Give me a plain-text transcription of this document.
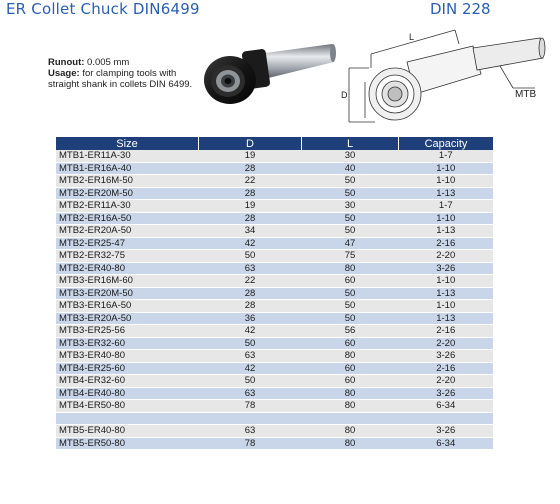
ER Collet Chuck DIN6499	DIN 228
Runout: 0.005 mm
Usage: for clamping tools with straight shank in collets DIN 6499.
L
D	MTB
Size	D	L	Capacity
MTB1-ER11A-30	19	30	1-7
MTB1-ER16A-40	28	40	1-10
MTB2-ER16M-50	22	50	1-10
MTB2-ER20M-50	28	50	1-13
MTB2-ER11A-30	19	30	1-7
MTB2-ER16A-50	28	50	1-10
MTB2-ER20A-50	34	50	1-13
MTB2-ER25-47	42	47	2-16
MTB2-ER32-75	50	75	2-20
MTB2-ER40-80	63	80	3-26
MTB3-ER16M-60	22	60	1-10
MTB3-ER20M-50	28	50	1-13
MTB3-ER16A-50	28	50	1-10
MTB3-ER20A-50	36	50	1-13
MTB3-ER25-56	42	56	2-16
MTB3-ER32-60	50	60	2-20
MTB3-ER40-80	63	80	3-26
MTB4-ER25-60	42	60	2-16
MTB4-ER32-60	50	60	2-20
MTB4-ER40-80	63	80	3-26
MTB4-ER50-80	78	80	6-34

MTB5-ER40-80	63	80	3-26
MTB5-ER50-80	78	80	6-34
